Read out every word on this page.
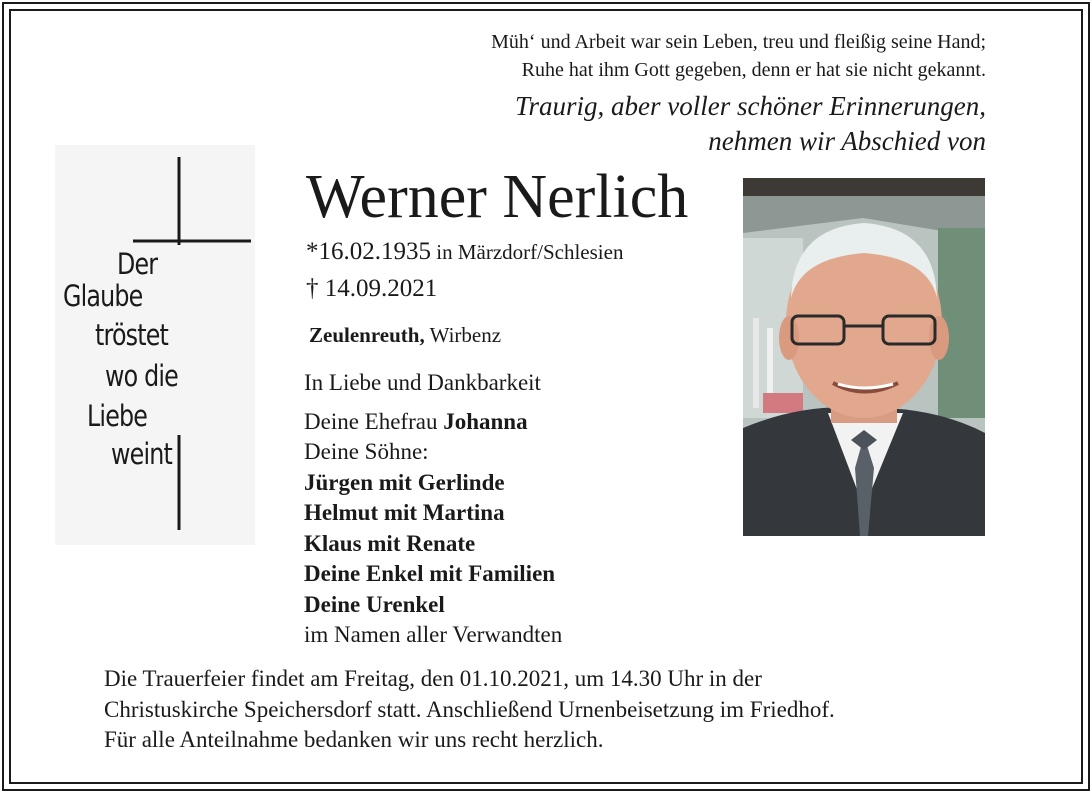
Müh‘ und Arbeit war sein Leben, treu und fleißig seine Hand;
Ruhe hat ihm Gott gegeben, denn er hat sie nicht gekannt.
Traurig, aber voller schöner Erinnerungen,
nehmen wir Abschied von
Der
Glaube
tröstet
wo die
Liebe
weint
Werner Nerlich
*16.02.1935 in Märzdorf/Schlesien
† 14.09.2021
Zeulenreuth, Wirbenz
In Liebe und Dankbarkeit
Deine Ehefrau Johanna
Deine Söhne:
Jürgen mit Gerlinde
Helmut mit Martina
Klaus mit Renate
Deine Enkel mit Familien
Deine Urenkel
im Namen aller Verwandten
Die Trauerfeier findet am Freitag, den 01.10.2021, um 14.30 Uhr in der
Christuskirche Speichersdorf statt. Anschließend Urnenbeisetzung im Friedhof.
Für alle Anteilnahme bedanken wir uns recht herzlich.
